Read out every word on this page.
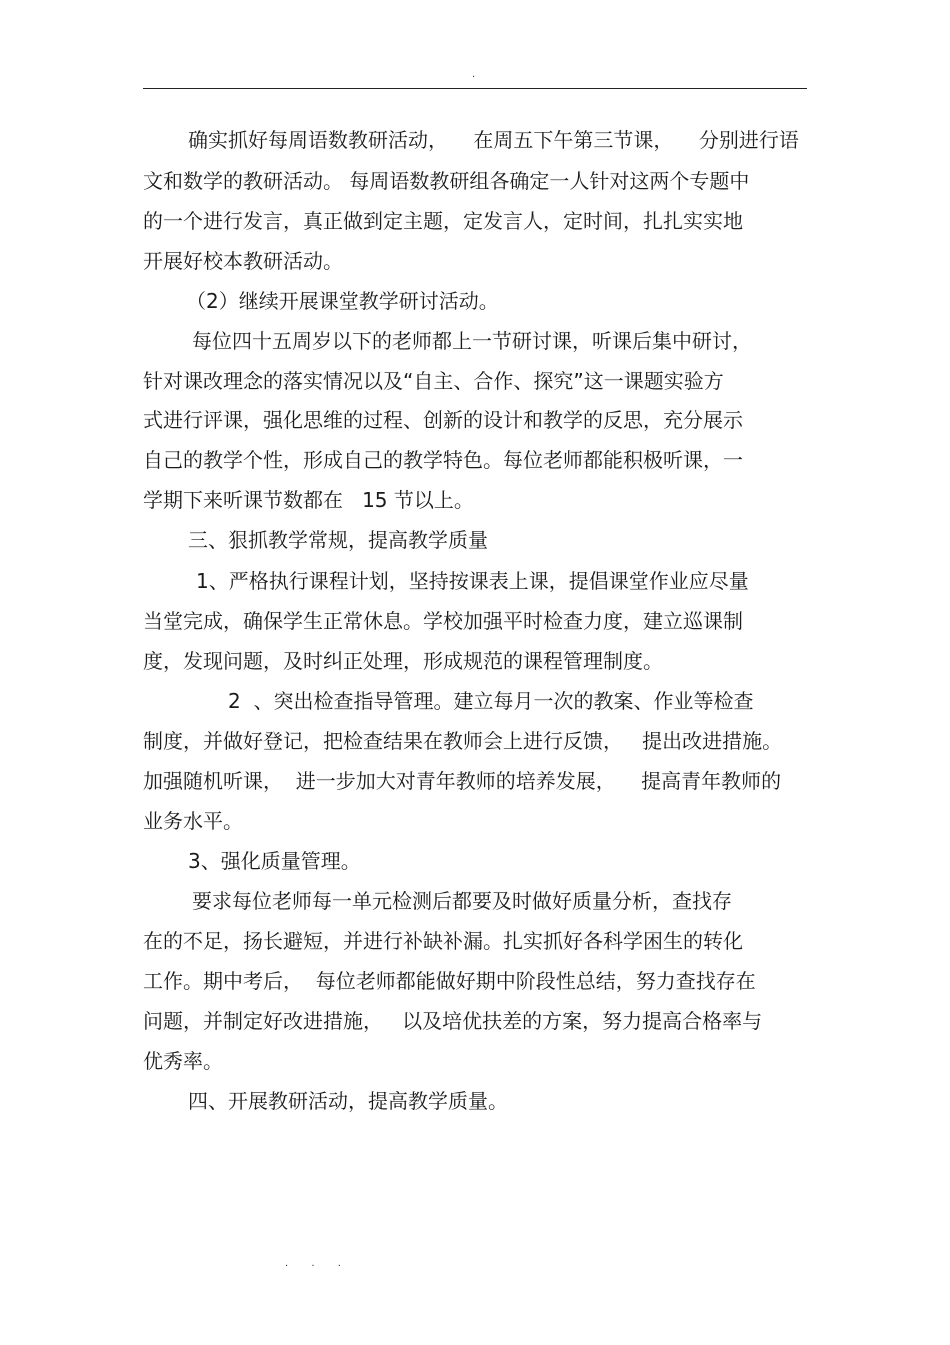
.
确实抓好每周语数教研活动，    在周五下午第三节课，    分别进行语
文和数学的教研活动。 每周语数教研组各确定一人针对这两个专题中
的一个进行发言，真正做到定主题，定发言人，定时间，扎扎实实地
开展好校本教研活动。
（2）继续开展课堂教学研讨活动。
每位四十五周岁以下的老师都上一节研讨课，听课后集中研讨，
针对课改理念的落实情况以及“自主、合作、探究”这一课题实验方
式进行评课，强化思维的过程、创新的设计和教学的反思，充分展示
自己的教学个性，形成自己的教学特色。每位老师都能积极听课，一
学期下来听课节数都在   15 节以上。
三、狠抓教学常规，提高教学质量
1、严格执行课程计划，坚持按课表上课，提倡课堂作业应尽量
当堂完成，确保学生正常休息。学校加强平时检查力度，建立巡课制
度，发现问题，及时纠正处理，形成规范的课程管理制度。
2  、突出检查指导管理。建立每月一次的教案、作业等检查
制度，并做好登记，把检查结果在教师会上进行反馈，   提出改进措施。
加强随机听课，  进一步加大对青年教师的培养发展，    提高青年教师的
业务水平。
3、强化质量管理。
要求每位老师每一单元检测后都要及时做好质量分析，查找存
在的不足，扬长避短，并进行补缺补漏。扎实抓好各科学困生的转化
工作。期中考后，  每位老师都能做好期中阶段性总结，努力查找存在
问题，并制定好改进措施，   以及培优扶差的方案，努力提高合格率与
优秀率。
四、开展教研活动，提高教学质量。
. . .
